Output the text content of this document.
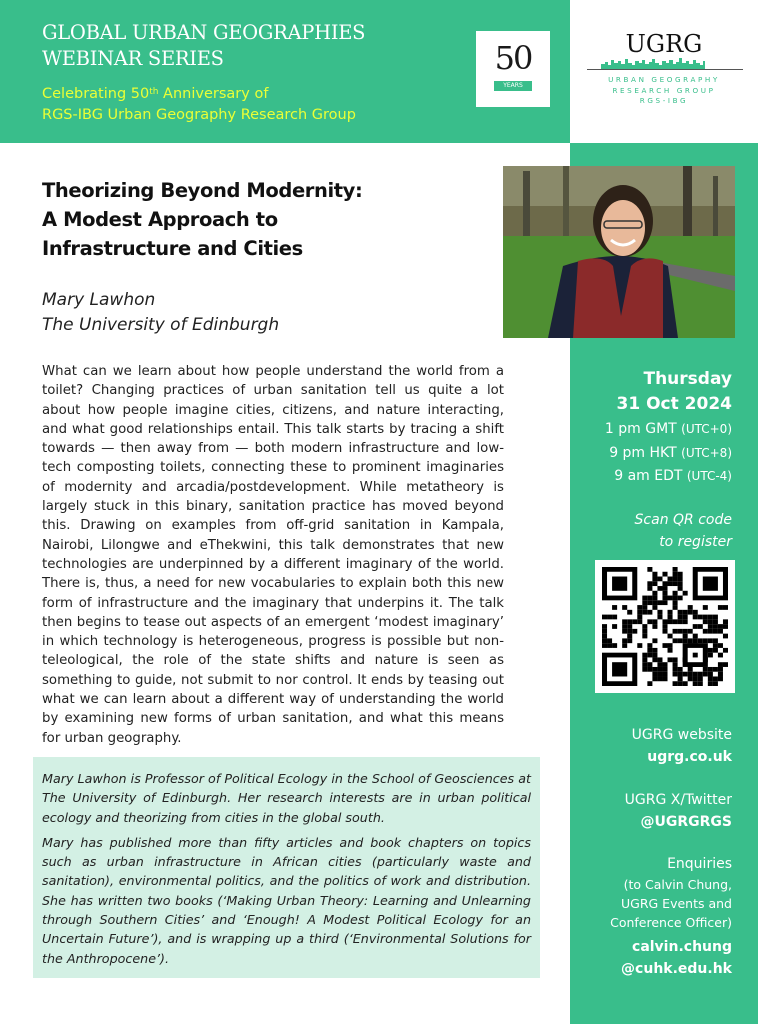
GLOBAL URBAN GEOGRAPHIES
WEBINAR SERIES
Celebrating 50th Anniversary of
RGS-IBG Urban Geography Research Group
50
YEARS
UGRG
URBAN GEOGRAPHY
RESEARCH GROUP
RGS-IBG
Theorizing Beyond Modernity:
A Modest Approach to
Infrastructure and Cities
Mary Lawhon
The University of Edinburgh

What can we learn about how people understand the world from a toilet? Changing practices of urban sanitation tell us quite a lot about how people imagine cities, citizens, and nature interacting, and what good relationships entail. This talk starts by tracing a shift towards — then away from — both modern infrastructure and low-tech composting toilets, connecting these to prominent imaginaries of modernity and arcadia/postdevelopment. While metatheory is largely stuck in this binary, sanitation practice has moved beyond this. Drawing on examples from off-grid sanitation in Kampala, Nairobi, Lilongwe and eThekwini, this talk demonstrates that new technologies are underpinned by a different imaginary of the world. There is, thus, a need for new vocabularies to explain both this new form of infrastructure and the imaginary that underpins it. The talk then begins to tease out aspects of an emergent ‘modest imaginary’ in which technology is heterogeneous, progress is possible but non-teleological, the role of the state shifts and nature is seen as something to guide, not submit to nor control. It ends by teasing out what we can learn about a different way of understanding the world by examining new forms of urban sanitation, and what this means for urban geography.

Mary Lawhon is Professor of Political Ecology in the School of Geosciences at The University of Edinburgh. Her research interests are in urban political ecology and theorizing from cities in the global south.

Mary has published more than fifty articles and book chapters on topics such as urban infrastructure in African cities (particularly waste and sanitation), environmental politics, and the politics of work and distribution. She has written two books (‘Making Urban Theory: Learning and Unlearning through Southern Cities’ and ‘Enough! A Modest Political Ecology for an Uncertain Future’), and is wrapping up a third (‘Environmental Solutions for the Anthropocene’).

Thursday
31 Oct 2024
1 pm GMT (UTC+0)
9 pm HKT (UTC+8)
9 am EDT (UTC-4)
Scan QR code
to register
UGRG website
ugrg.co.uk
UGRG X/Twitter
@UGRGRGS
Enquiries
(to Calvin Chung,
UGRG Events and
Conference Officer)
calvin.chung
@cuhk.edu.hk
